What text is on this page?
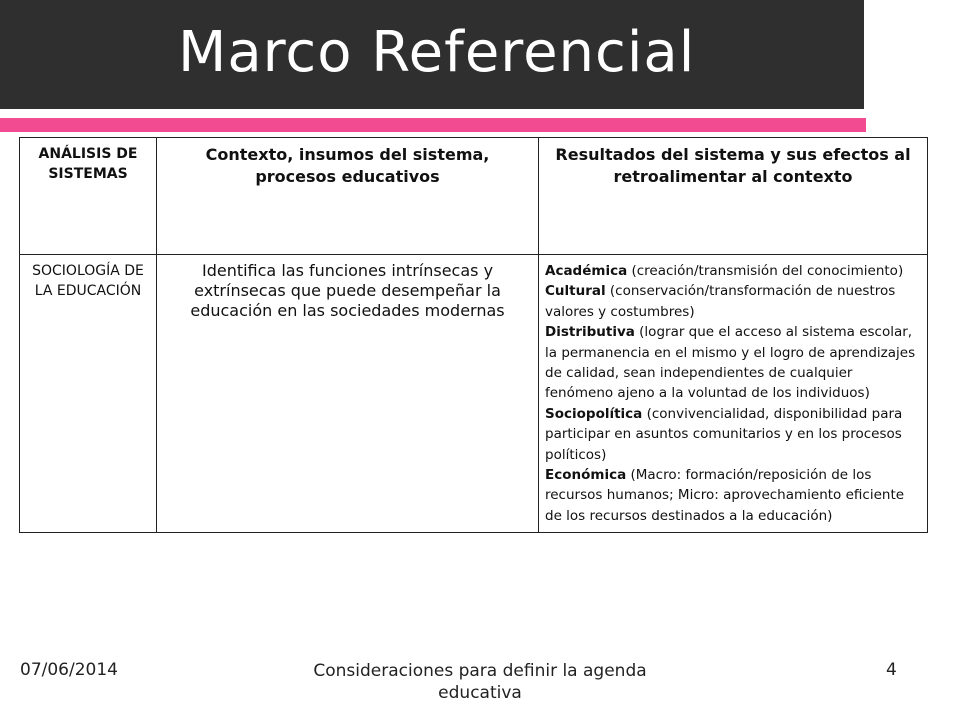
Marco Referencial
ANÁLISIS DE SISTEMAS	Contexto, insumos del sistema, procesos educativos	Resultados del sistema y sus efectos al retroalimentar al contexto
SOCIOLOGÍA DE LA EDUCACIÓN	Identifica las funciones intrínsecas y extrínsecas que puede desempeñar la educación en las sociedades modernas	Académica (creación/transmisión del conocimiento)
Cultural (conservación/transformación de nuestros valores y costumbres)
Distributiva (lograr que el acceso al sistema escolar, la permanencia en el mismo y el logro de aprendizajes de calidad, sean independientes de cualquier fenómeno ajeno a la voluntad de los individuos)
Sociopolítica (convivencialidad, disponibilidad para participar en asuntos comunitarios y en los procesos políticos)
Económica (Macro: formación/reposición de los recursos humanos; Micro: aprovechamiento eficiente de los recursos destinados a la educación)
07/06/2014	Consideraciones para definir la agenda educativa
4
